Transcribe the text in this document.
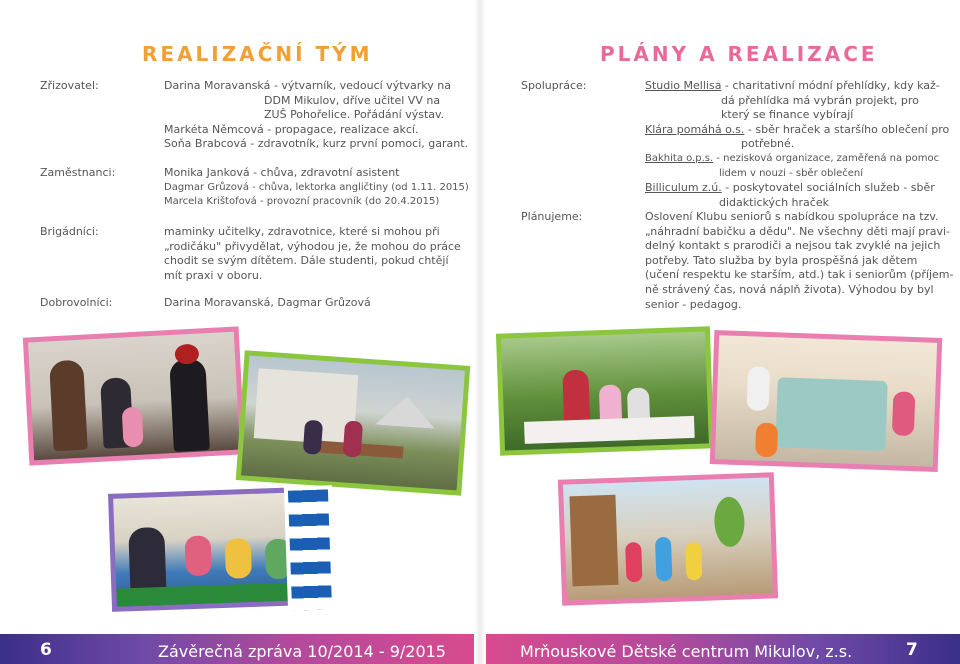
REALIZAČNÍ TÝM
Zřizovatel:	Darina Moravanská - výtvarník, vedoucí výtvarky na
DDM Mikulov, dříve učitel VV na
ZUŠ Pohořelice. Pořádání výstav.
Markéta Němcová - propagace, realizace akcí.
Soňa Brabcová - zdravotník, kurz první pomoci, garant.
Zaměstnanci:	Monika Janková - chůva, zdravotní asistent
Dagmar Grůzová - chůva, lektorka angličtiny (od 1.11. 2015)
Marcela Krištofová - provozní pracovník (do 20.4.2015)
Brigádníci:	maminky učitelky, zdravotnice, které si mohou při
„rodičáku" přivydělat, výhodou je, že mohou do práce
chodit se svým dítětem. Dále studenti, pokud chtějí
mít praxi v oboru.
Dobrovolníci:	Darina Moravanská, Dagmar Grůzová
PLÁNY A REALIZACE
Spolupráce:	Studio Mellisa - charitativní módní přehlídky, kdy kaž-
dá přehlídka má vybrán projekt, pro
který se finance vybírají
Klára pomáhá o.s. - sběr hraček a staršího oblečení pro
potřebné.
Bakhita o.p.s. - nezisková organizace, zaměřená na pomoc
lidem v nouzi - sběr oblečení
Billiculum z.ú. - poskytovatel sociálních služeb - sběr
didaktických hraček
Plánujeme:	Oslovení Klubu seniorů s nabídkou spolupráce na tzv.
„náhradní babičku a dědu". Ne všechny děti mají pravi-
delný kontakt s prarodiči a nejsou tak zvyklé na jejich
potřeby. Tato služba by byla prospěšná jak dětem
(učení respektu ke starším, atd.) tak i seniorům (příjem-
ně strávený čas, nová náplň života). Výhodou by byl
senior - pedagog.
6	Závěrečná zpráva 10/2014 - 9/2015	Mrňouskové Dětské centrum Mikulov, z.s.	7
